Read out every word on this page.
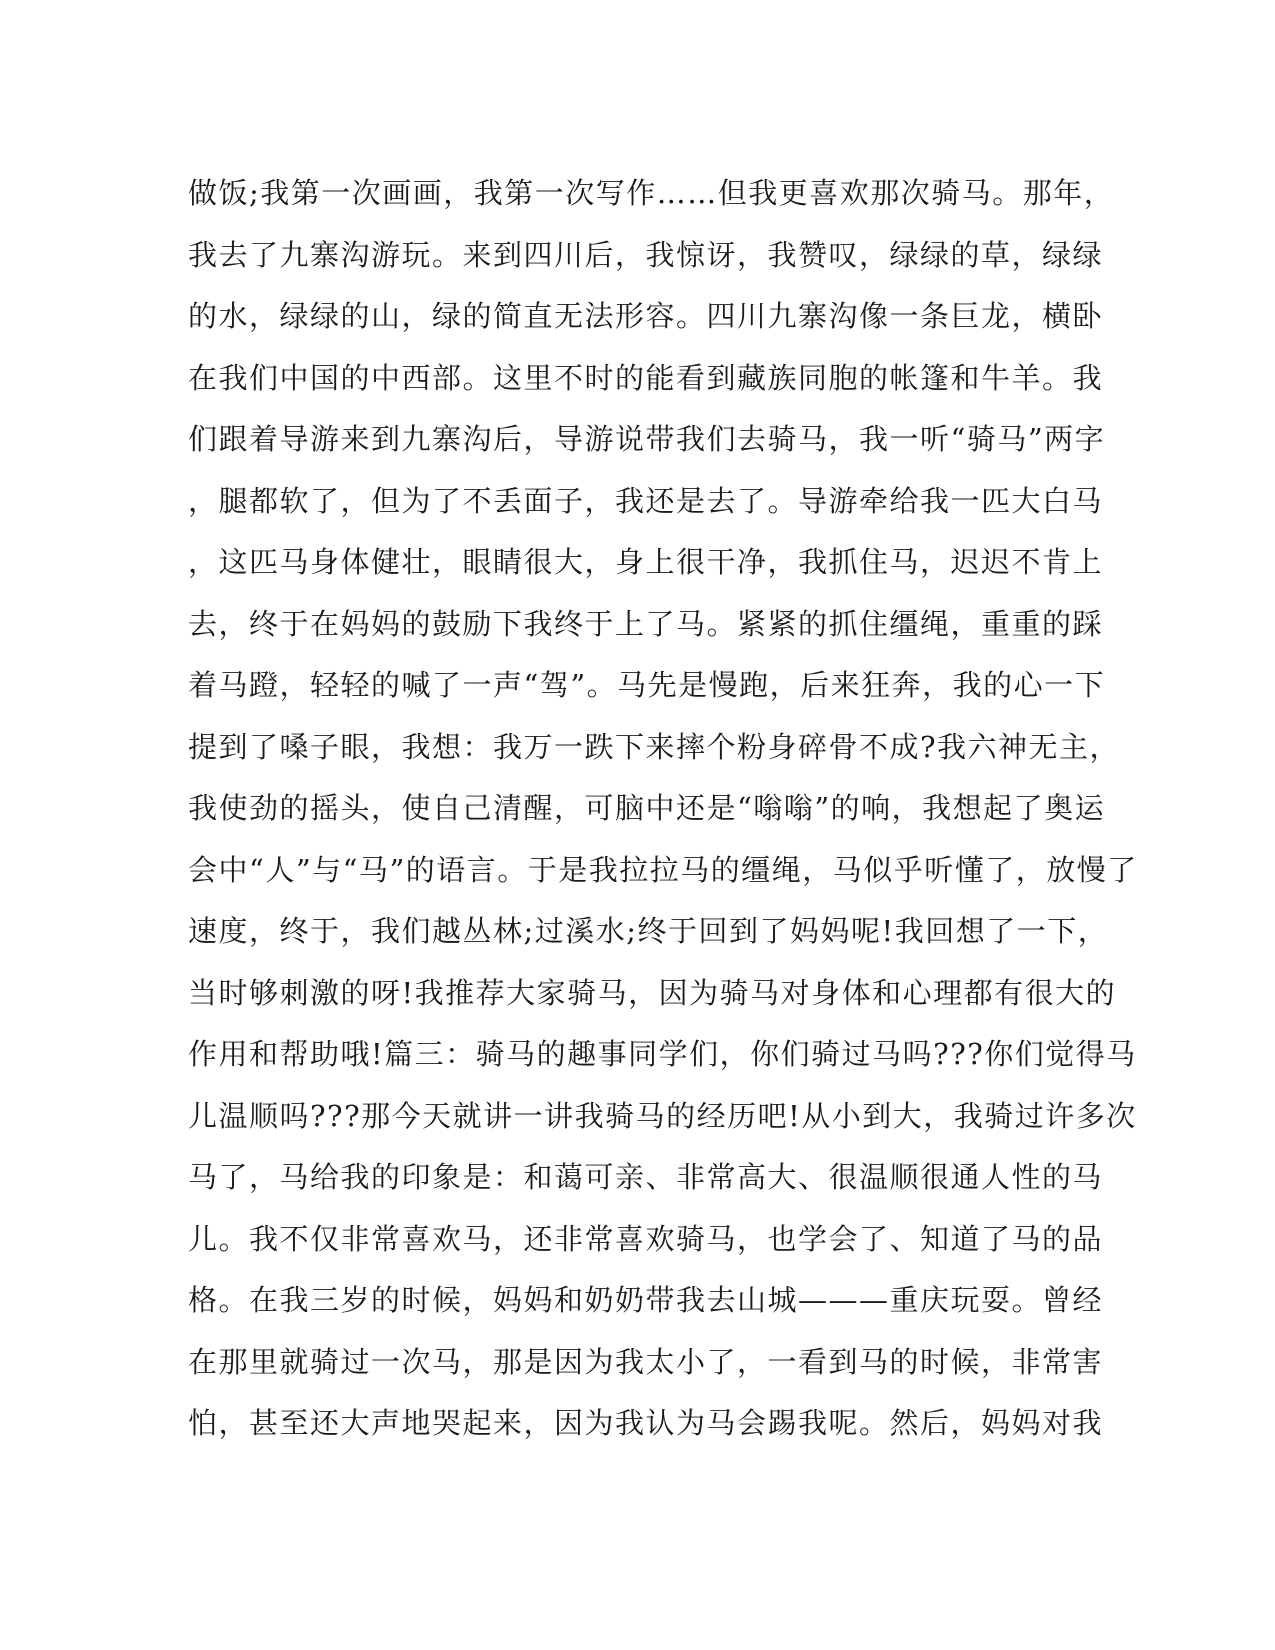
做饭;我第一次画画，我第一次写作……但我更喜欢那次骑马。那年，
我去了九寨沟游玩。来到四川后，我惊讶，我赞叹，绿绿的草，绿绿
的水，绿绿的山，绿的简直无法形容。四川九寨沟像一条巨龙，横卧
在我们中国的中西部。这里不时的能看到藏族同胞的帐篷和牛羊。我
们跟着导游来到九寨沟后，导游说带我们去骑马，我一听“骑马”两字
，腿都软了，但为了不丢面子，我还是去了。导游牵给我一匹大白马
，这匹马身体健壮，眼睛很大，身上很干净，我抓住马，迟迟不肯上
去，终于在妈妈的鼓励下我终于上了马。紧紧的抓住缰绳，重重的踩
着马蹬，轻轻的喊了一声“驾”。马先是慢跑，后来狂奔，我的心一下
提到了嗓子眼，我想：我万一跌下来摔个粉身碎骨不成?我六神无主，
我使劲的摇头，使自己清醒，可脑中还是“嗡嗡”的响，我想起了奥运
会中“人”与“马”的语言。于是我拉拉马的缰绳，马似乎听懂了，放慢了
速度，终于，我们越丛林;过溪水;终于回到了妈妈呢!我回想了一下，
当时够刺激的呀!我推荐大家骑马，因为骑马对身体和心理都有很大的
作用和帮助哦!篇三：骑马的趣事同学们，你们骑过马吗???你们觉得马
儿温顺吗???那今天就讲一讲我骑马的经历吧!从小到大，我骑过许多次
马了，马给我的印象是：和蔼可亲、非常高大、很温顺很通人性的马
儿。我不仅非常喜欢马，还非常喜欢骑马，也学会了、知道了马的品
格。在我三岁的时候，妈妈和奶奶带我去山城———重庆玩耍。曾经
在那里就骑过一次马，那是因为我太小了，一看到马的时候，非常害
怕，甚至还大声地哭起来，因为我认为马会踢我呢。然后，妈妈对我
